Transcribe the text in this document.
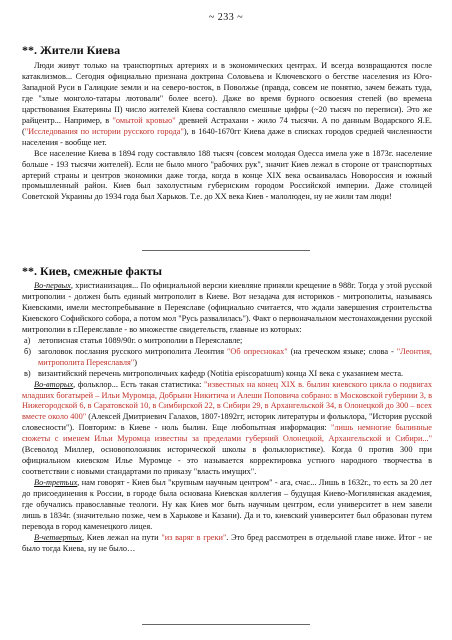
~ 233 ~
**. Жители Киева

Люди живут только на транспортных артериях и в экономических центрах. И всегда возвращаются после катаклизмов... Сегодня официально признана доктрина Соловьева и Ключевского о бегстве населения из Юго-Западной Руси в Галицкие земли и на северо-восток, в Поволжье (правда, совсем не понятно, зачем бежать туда, где "злые монголо-татары лютовали" более всего). Даже во время бурного освоения степей (во времена царствования Екатерины II) число жителей Киева составляло смешные цифры (~20 тысяч по переписи). Это же райцентр... Например, в "омытой кровью" древней Астрахани - жило 74 тысячи. А по данным Водарского Я.Е. ("Исследования по истории русского города"), в 1640-1670гг Киева даже в списках городов средней численности населения - вообще нет.

Все население Киева в 1894 году составляло 188 тысяч (совсем молодая Одесса имела уже в 1873г. население больше - 193 тысячи жителей). Если не было много "рабочих рук", значит Киев лежал в стороне от транспортных артерий страны и центров экономики даже тогда, когда в конце XIX века осваивалась Новороссия и южный промышленный район. Киев был захолустным губернским городом Российской империи. Даже столицей Советской Украины до 1934 года был Харьков. Т.е. до XX века Киев - малолюден, ну не жили там люди!

**. Киев, смежные факты

Во-первых, христианизация... По официальной версии киевляне приняли крещение в 988г. Тогда у этой русской митрополии - должен быть единый митрополит в Киеве. Вот незадача для историков - митрополиты, называясь Киевскими, имели местопребывание в Переяславе (официально считается, что ждали завершения строительства Киевского Софийского собора, а потом мол "Русь развалилась"). Факт о первоначальном местонахождении русской митрополии в г.Переяславле - во множестве свидетельств, главные из которых:

а) летописная статья 1089/90г. о митрополии в Переяславле;

б) заголовок послания русского митрополита Леонтия "Об опресноках" (на греческом языке; слова - "Леонтия, митрополита Переяславля")

в) византийский перечень митрополичьих кафедр (Notitia episcopatuum) конца XI века с указанием места.

Во-вторых, фольклор... Есть такая статистика: "известных на конец XIX в. былин киевского цикла о подвигах младших богатырей – Ильи Муромца, Добрыни Никитича и Алеши Поповича собрано: в Московской губернии 3, в Нижегородской 6, в Саратовской 10, в Симбирской 22, в Сибири 29, в Архангельской 34, в Олонецкой до 300 – всех вместе около 400" (Алексей Дмитриевич Галахов, 1807-1892гг, историк литературы и фольклора, "История русской словесности"). Повторим: в Киеве - ноль былин. Еще любопытная информация: "лишь немногие былинные сюжеты с именем Ильи Муромца известны за пределами губерний Олонецкой, Архангельской и Сибири..." (Всеволод Миллер, основоположник исторической школы в фольклористике). Когда 0 против 300 при официальном киевском Илье Муромце - это называется корректировка устного народного творчества в соответствии с новыми стандартами по приказу "власть имущих".

Во-третьих, нам говорят - Киев был "крупным научным центром" - ага, счас... Лишь в 1632г., то есть за 20 лет до присоединения к России, в городе была основана Киевская коллегия – будущая Киево-Могилянская академия, где обучались православные теологи. Ну как Киев мог быть научным центром, если университет в нем завели лишь в 1834г. (значительно позже, чем в Харькове и Казани). Да и то, киевский университет был образован путем перевода в город каменецкого лицея.

В-четвертых, Киев лежал на пути "из варяг в греки". Это бред рассмотрен в отдельной главе ниже. Итог - не было тогда Киева, ну не было…
